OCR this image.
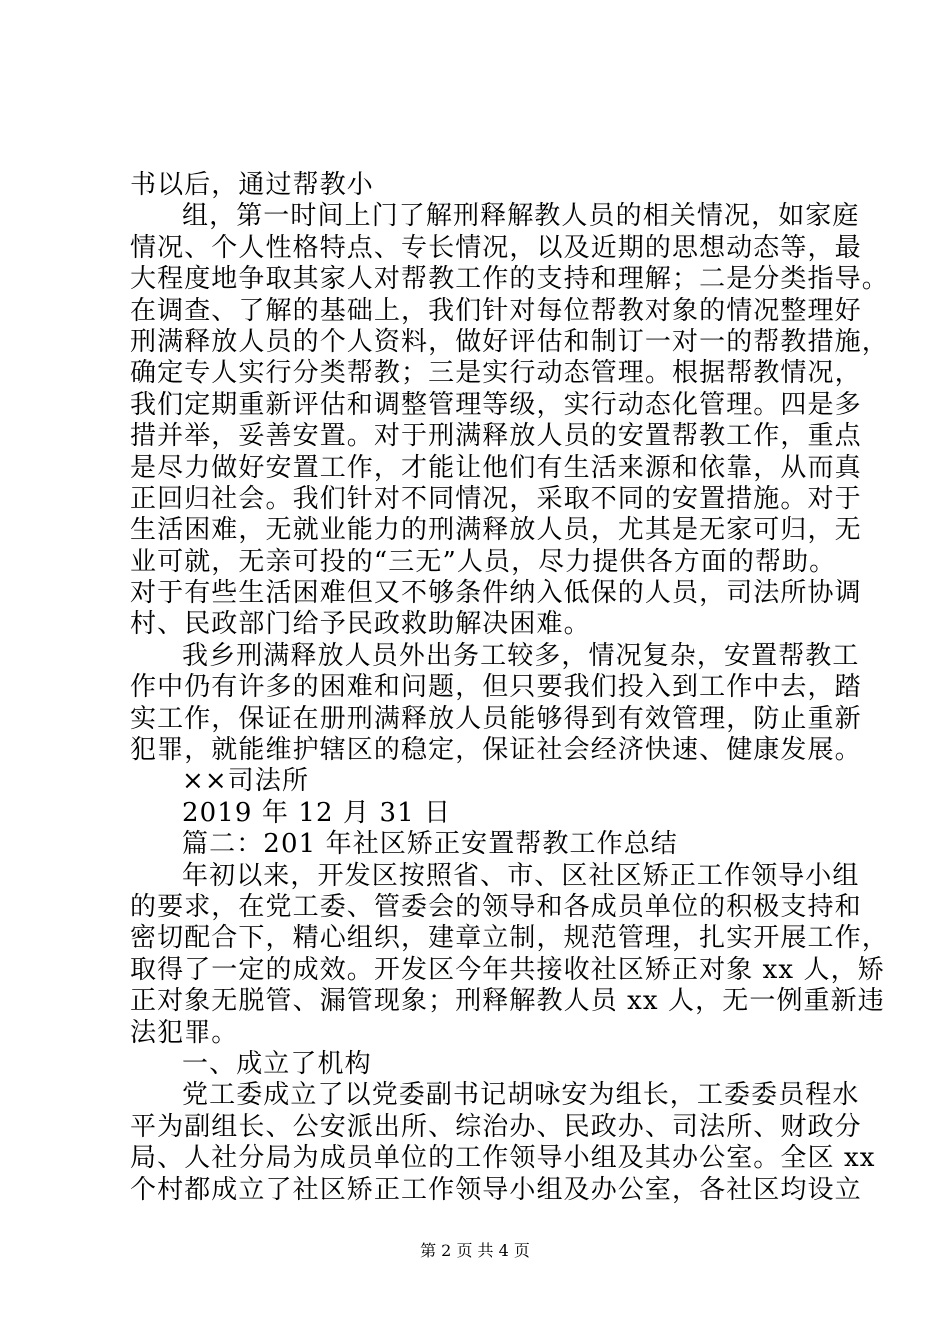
书以后，通过帮教小
组，第一时间上门了解刑释解教人员的相关情况，如家庭
情况、个人性格特点、专长情况，以及近期的思想动态等，最
大程度地争取其家人对帮教工作的支持和理解；二是分类指导。
在调查、了解的基础上，我们针对每位帮教对象的情况整理好
刑满释放人员的个人资料，做好评估和制订一对一的帮教措施，
确定专人实行分类帮教；三是实行动态管理。根据帮教情况，
我们定期重新评估和调整管理等级，实行动态化管理。四是多
措并举，妥善安置。对于刑满释放人员的安置帮教工作，重点
是尽力做好安置工作，才能让他们有生活来源和依靠，从而真
正回归社会。我们针对不同情况，采取不同的安置措施。对于
生活困难，无就业能力的刑满释放人员，尤其是无家可归，无
业可就，无亲可投的“三无”人员，尽力提供各方面的帮助。
对于有些生活困难但又不够条件纳入低保的人员，司法所协调
村、民政部门给予民政救助解决困难。
我乡刑满释放人员外出务工较多，情况复杂，安置帮教工
作中仍有许多的困难和问题，但只要我们投入到工作中去，踏
实工作，保证在册刑满释放人员能够得到有效管理，防止重新
犯罪，就能维护辖区的稳定，保证社会经济快速、健康发展。
××司法所
2019 年 12 月 31 日
篇二：201 年社区矫正安置帮教工作总结
年初以来，开发区按照省、市、区社区矫正工作领导小组
的要求，在党工委、管委会的领导和各成员单位的积极支持和
密切配合下，精心组织，建章立制，规范管理，扎实开展工作，
取得了一定的成效。开发区今年共接收社区矫正对象 xx 人，矫
正对象无脱管、漏管现象；刑释解教人员 xx 人，无一例重新违
法犯罪。
一、成立了机构
党工委成立了以党委副书记胡咏安为组长，工委委员程水
平为副组长、公安派出所、综治办、民政办、司法所、财政分
局、人社分局为成员单位的工作领导小组及其办公室。全区 xx
个村都成立了社区矫正工作领导小组及办公室，各社区均设立
第 2 页 共 4 页
